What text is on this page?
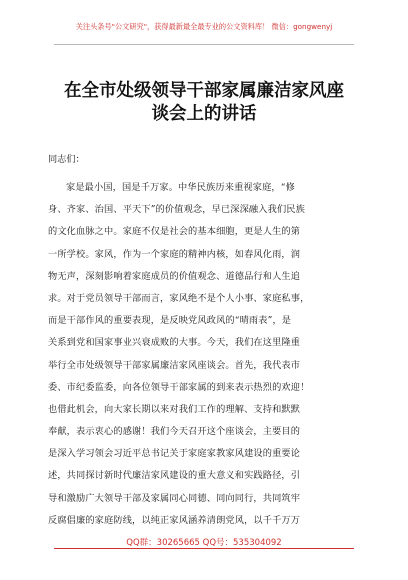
关注头条号"公文研究"，获得最新最全最专业的公文资料库！ 微信：gongwenyj
在全市处级领导干部家属廉洁家风座
谈会上的讲话
同志们：
家是最小国，国是千万家。中华民族历来重视家庭，“修
身、齐家、治国、平天下”的价值观念，早已深深融入我们民族
的文化血脉之中。家庭不仅是社会的基本细胞，更是人生的第
一所学校。家风，作为一个家庭的精神内核，如春风化雨，润
物无声，深刻影响着家庭成员的价值观念、道德品行和人生追
求。对于党员领导干部而言，家风绝不是个人小事、家庭私事，
而是干部作风的重要表现，是反映党风政风的“晴雨表”，是
关系到党和国家事业兴衰成败的大事。今天，我们在这里隆重
举行全市处级领导干部家属廉洁家风座谈会。首先，我代表市
委、市纪委监委，向各位领导干部家属的到来表示热烈的欢迎！
也借此机会，向大家长期以来对我们工作的理解、支持和默默
奉献，表示衷心的感谢！我们今天召开这个座谈会，主要目的
是深入学习领会习近平总书记关于家庭家教家风建设的重要论
述，共同探讨新时代廉洁家风建设的重大意义和实践路径，引
导和激励广大领导干部及家属同心同德、同向同行，共同筑牢
反腐倡廉的家庭防线，以纯正家风涵养清朗党风，以千千万万
QQ群：30265665 QQ号：535304092
